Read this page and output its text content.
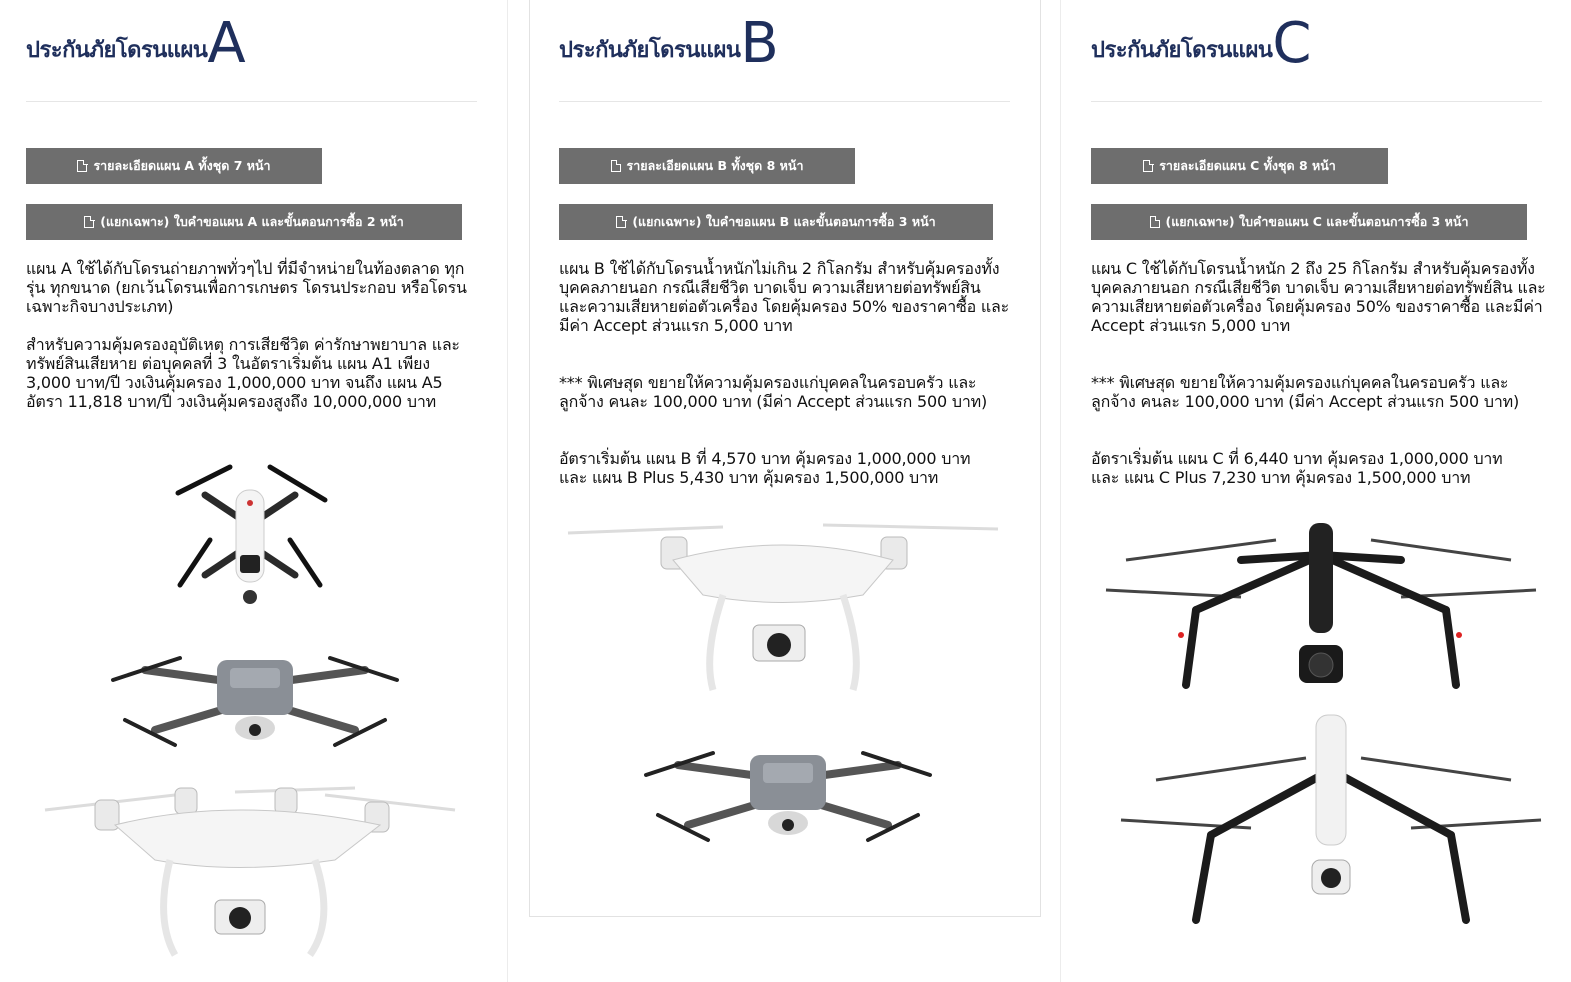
ประกันภัยโดรนแผน A
รายละเอียดแผน A ทั้งชุด 7 หน้า
(แยกเฉพาะ) ใบคำขอแผน A และขั้นตอนการซื้อ 2 หน้า

แผน A ใช้ได้กับโดรนถ่ายภาพทั่วๆไป ที่มีจำหน่ายในท้องตลาด ทุกรุ่น ทุกขนาด (ยกเว้นโดรนเพื่อการเกษตร โดรนประกอบ หรือโดรนเฉพาะกิจบางประเภท)

สำหรับความคุ้มครองอุบัติเหตุ การเสียชีวิต ค่ารักษาพยาบาล และทรัพย์สินเสียหาย ต่อบุคคลที่ 3 ในอัตราเริ่มต้น แผน A1 เพียง 3,000 บาท/ปี วงเงินคุ้มครอง 1,000,000 บาท จนถึง แผน A5 อัตรา 11,818 บาท/ปี วงเงินคุ้มครองสูงถึง 10,000,000 บาท

ประกันภัยโดรนแผน B
รายละเอียดแผน B ทั้งชุด 8 หน้า
(แยกเฉพาะ) ใบคำขอแผน B และขั้นตอนการซื้อ 3 หน้า

แผน B ใช้ได้กับโดรนน้ำหนักไม่เกิน 2 กิโลกรัม สำหรับคุ้มครองทั้งบุคคลภายนอก กรณีเสียชีวิต บาดเจ็บ ความเสียหายต่อทรัพย์สิน และความเสียหายต่อตัวเครื่อง โดยคุ้มครอง 50% ของราคาซื้อ และมีค่า Accept ส่วนแรก 5,000 บาท

*** พิเศษสุด ขยายให้ความคุ้มครองแก่บุคคลในครอบครัว และลูกจ้าง คนละ 100,000 บาท (มีค่า Accept ส่วนแรก 500 บาท)

อัตราเริ่มต้น แผน B ที่ 4,570 บาท คุ้มครอง 1,000,000 บาท และ แผน B Plus 5,430 บาท คุ้มครอง 1,500,000 บาท

ประกันภัยโดรนแผน C
รายละเอียดแผน C ทั้งชุด 8 หน้า
(แยกเฉพาะ) ใบคำขอแผน C และขั้นตอนการซื้อ 3 หน้า

แผน C ใช้ได้กับโดรนน้ำหนัก 2 ถึง 25 กิโลกรัม สำหรับคุ้มครองทั้งบุคคลภายนอก กรณีเสียชีวิต บาดเจ็บ ความเสียหายต่อทรัพย์สิน และความเสียหายต่อตัวเครื่อง โดยคุ้มครอง 50% ของราคาซื้อ และมีค่า Accept ส่วนแรก 5,000 บาท

*** พิเศษสุด ขยายให้ความคุ้มครองแก่บุคคลในครอบครัว และลูกจ้าง คนละ 100,000 บาท (มีค่า Accept ส่วนแรก 500 บาท)

อัตราเริ่มต้น แผน C ที่ 6,440 บาท คุ้มครอง 1,000,000 บาท และ แผน C Plus 7,230 บาท คุ้มครอง 1,500,000 บาท
